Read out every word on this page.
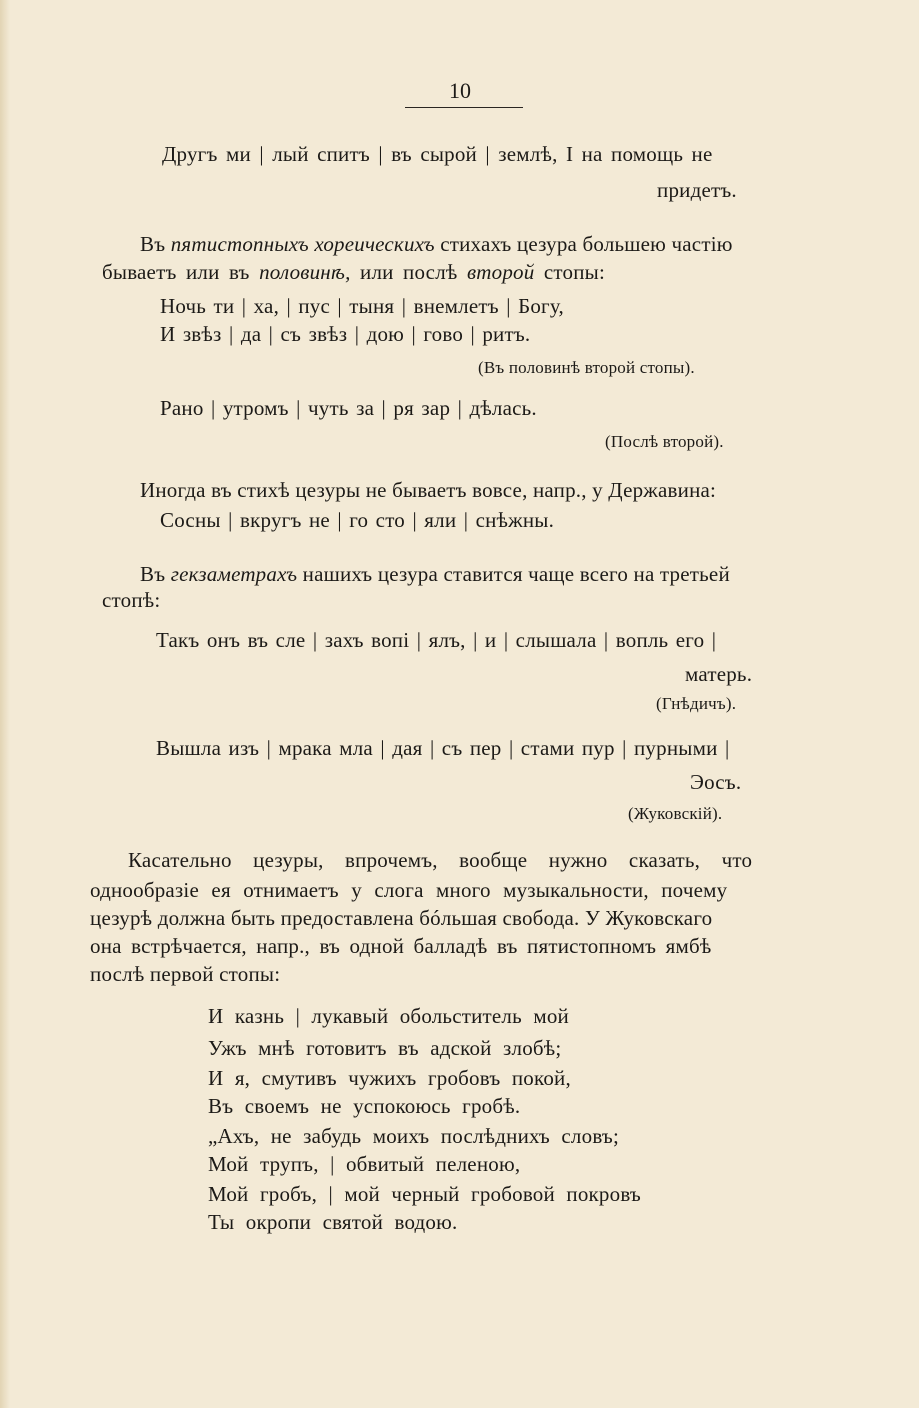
10
Другъ ми | лый спитъ | въ сырой | землѣ, I на помощь не
придетъ.
Въ пятистопныхъ хореическихъ стихахъ цезура большею частію
бываетъ или въ половинѣ, или послѣ второй стопы:
Ночь ти | ха, | пус | тыня | внемлетъ | Богу,
И звѣз | да | съ звѣз | дою | гово | ритъ.
(Въ половинѣ второй стопы).
Рано | утромъ | чуть за | ря зар | дѣлась.
(Послѣ второй).
Иногда въ стихѣ цезуры не бываетъ вовсе, напр., у Державина:
Сосны | вкругъ не | го сто | яли | снѣжны.
Въ гекзаметрахъ нашихъ цезура ставится чаще всего на третьей
стопѣ:
Такъ онъ въ сле | захъ вопі | ялъ, | и | слышала | вопль его |
матерь.
(Гнѣдичъ).
Вышла изъ | мрака мла | дая | съ пер | стами пур | пурными |
Эосъ.
(Жуковскій).
Касательно цезуры, впрочемъ, вообще нужно сказать, что
однообразіе ея отнимаетъ у слога много музыкальности, почему
цезурѣ должна быть предоставлена бóльшая свобода. У Жуковскаго
она встрѣчается, напр., въ одной балладѣ въ пятистопномъ ямбѣ
послѣ первой стопы:
И казнь | лукавый обольститель мой
Ужъ мнѣ готовитъ въ адской злобѣ;
И я, смутивъ чужихъ гробовъ покой,
Въ своемъ не успокоюсь гробѣ.
„Ахъ, не забудь моихъ послѣднихъ словъ;
Мой трупъ, | обвитый пеленою,
Мой гробъ, | мой черный гробовой покровъ
Ты окропи святой водою.
